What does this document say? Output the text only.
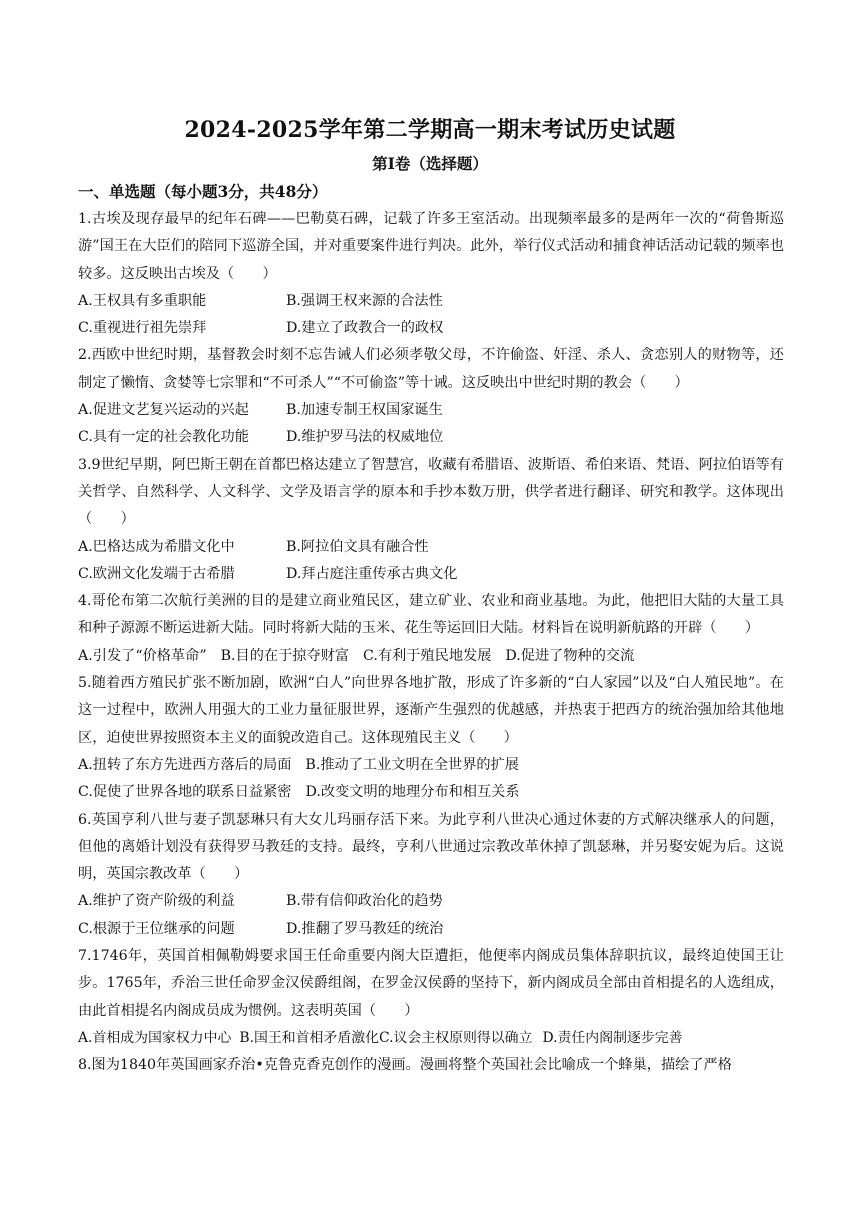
2024-2025学年第二学期高一期末考试历史试题
第Ⅰ卷（选择题）
一、单选题（每小题3分，共48分）
1.古埃及现存最早的纪年石碑——巴勒莫石碑，记载了许多王室活动。出现频率最多的是两年一次的“荷鲁斯巡游”国王在大臣们的陪同下巡游全国，并对重要案件进行判决。此外，举行仪式活动和捕食神话活动记载的频率也较多。这反映出古埃及（　　）
A.王权具有多重职能	B.强调王权来源的合法性
C.重视进行祖先崇拜	D.建立了政教合一的政权
2.西欧中世纪时期，基督教会时刻不忘告诫人们必须孝敬父母，不许偷盗、奸淫、杀人、贪恋别人的财物等，还制定了懒惰、贪婪等七宗罪和“不可杀人”“不可偷盗”等十诫。这反映出中世纪时期的教会（　　）
A.促进文艺复兴运动的兴起	B.加速专制王权国家诞生
C.具有一定的社会教化功能	D.维护罗马法的权威地位
3.9世纪早期，阿巴斯王朝在首都巴格达建立了智慧宫，收藏有希腊语、波斯语、希伯来语、梵语、阿拉伯语等有关哲学、自然科学、人文科学、文学及语言学的原本和手抄本数万册，供学者进行翻译、研究和教学。这体现出（　　）
A.巴格达成为希腊文化中	B.阿拉伯文具有融合性
C.欧洲文化发端于古希腊	D.拜占庭注重传承古典文化
4.哥伦布第二次航行美洲的目的是建立商业殖民区，建立矿业、农业和商业基地。为此，他把旧大陆的大量工具和种子源源不断运进新大陆。同时将新大陆的玉米、花生等运回旧大陆。材料旨在说明新航路的开辟（　　）
A.引发了“价格革命” B.目的在于掠夺财富 C.有利于殖民地发展 D.促进了物种的交流
5.随着西方殖民扩张不断加剧，欧洲“白人”向世界各地扩散，形成了许多新的“白人家园”以及“白人殖民地”。在这一过程中，欧洲人用强大的工业力量征服世界，逐渐产生强烈的优越感，并热衷于把西方的统治强加给其他地区，迫使世界按照资本主义的面貌改造自己。这体现殖民主义（　　）
A.扭转了东方先进西方落后的局面 B.推动了工业文明在全世界的扩展
C.促使了世界各地的联系日益紧密 D.改变文明的地理分布和相互关系
6.英国亨利八世与妻子凯瑟琳只有大女儿玛丽存活下来。为此亨利八世决心通过休妻的方式解决继承人的问题，但他的离婚计划没有获得罗马教廷的支持。最终，亨利八世通过宗教改革休掉了凯瑟琳，并另娶安妮为后。这说明，英国宗教改革（　　）
A.维护了资产阶级的利益	B.带有信仰政治化的趋势
C.根源于王位继承的问题	D.推翻了罗马教廷的统治
7.1746年，英国首相佩勒姆要求国王任命重要内阁大臣遭拒，他便率内阁成员集体辞职抗议，最终迫使国王让步。1765年，乔治三世任命罗金汉侯爵组阁，在罗金汉侯爵的坚持下，新内阁成员全部由首相提名的人选组成，由此首相提名内阁成员成为惯例。这表明英国（　　）
A.首相成为国家权力中心 B.国王和首相矛盾激化 C.议会主权原则得以确立 D.责任内阁制逐步完善
8.图为1840年英国画家乔治•克鲁克香克创作的漫画。漫画将整个英国社会比喻成一个蜂巢，描绘了严格
